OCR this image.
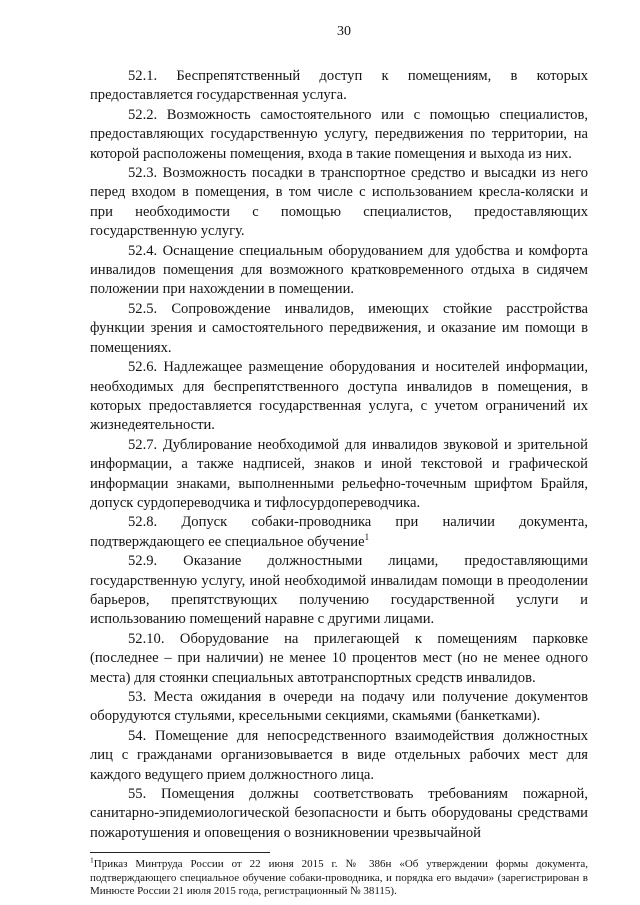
30

52.1. Беспрепятственный доступ к помещениям, в которых предоставляется государственная услуга.

52.2. Возможность самостоятельного или с помощью специалистов, предоставляющих государственную услугу, передвижения по территории, на которой расположены помещения, входа в такие помещения и выхода из них.

52.3. Возможность посадки в транспортное средство и высадки из него перед входом в помещения, в том числе с использованием кресла-коляски и при необходимости с помощью специалистов, предоставляющих государственную услугу.

52.4. Оснащение специальным оборудованием для удобства и комфорта инвалидов помещения для возможного кратковременного отдыха в сидячем положении при нахождении в помещении.

52.5. Сопровождение инвалидов, имеющих стойкие расстройства функции зрения и самостоятельного передвижения, и оказание им помощи в помещениях.

52.6. Надлежащее размещение оборудования и носителей информации, необходимых для беспрепятственного доступа инвалидов в помещения, в которых предоставляется государственная услуга, с учетом ограничений их жизнедеятельности.

52.7. Дублирование необходимой для инвалидов звуковой и зрительной информации, а также надписей, знаков и иной текстовой и графической информации знаками, выполненными рельефно-точечным шрифтом Брайля, допуск сурдопереводчика и тифлосурдопереводчика.

52.8. Допуск собаки-проводника при наличии документа, подтверждающего ее специальное обучение$^1$

52.9. Оказание должностными лицами, предоставляющими государственную услугу, иной необходимой инвалидам помощи в преодолении барьеров, препятствующих получению государственной услуги и использованию помещений наравне с другими лицами.

52.10. Оборудование на прилегающей к помещениям парковке (последнее – при наличии) не менее 10 процентов мест (но не менее одного места) для стоянки специальных автотранспортных средств инвалидов.

53. Места ожидания в очереди на подачу или получение документов оборудуются стульями, кресельными секциями, скамьями (банкетками).

54. Помещение для непосредственного взаимодействия должностных лиц с гражданами организовывается в виде отдельных рабочих мест для каждого ведущего прием должностного лица.

55. Помещения должны соответствовать требованиям пожарной, санитарно-эпидемиологической безопасности и быть оборудованы средствами пожаротушения и оповещения о возникновении чрезвычайной

$^1$Приказ Минтруда России от 22 июня 2015 г. № 386н «Об утверждении формы документа, подтверждающего специальное обучение собаки-проводника, и порядка его выдачи» (зарегистрирован в Минюсте России 21 июля 2015 года, регистрационный № 38115).
